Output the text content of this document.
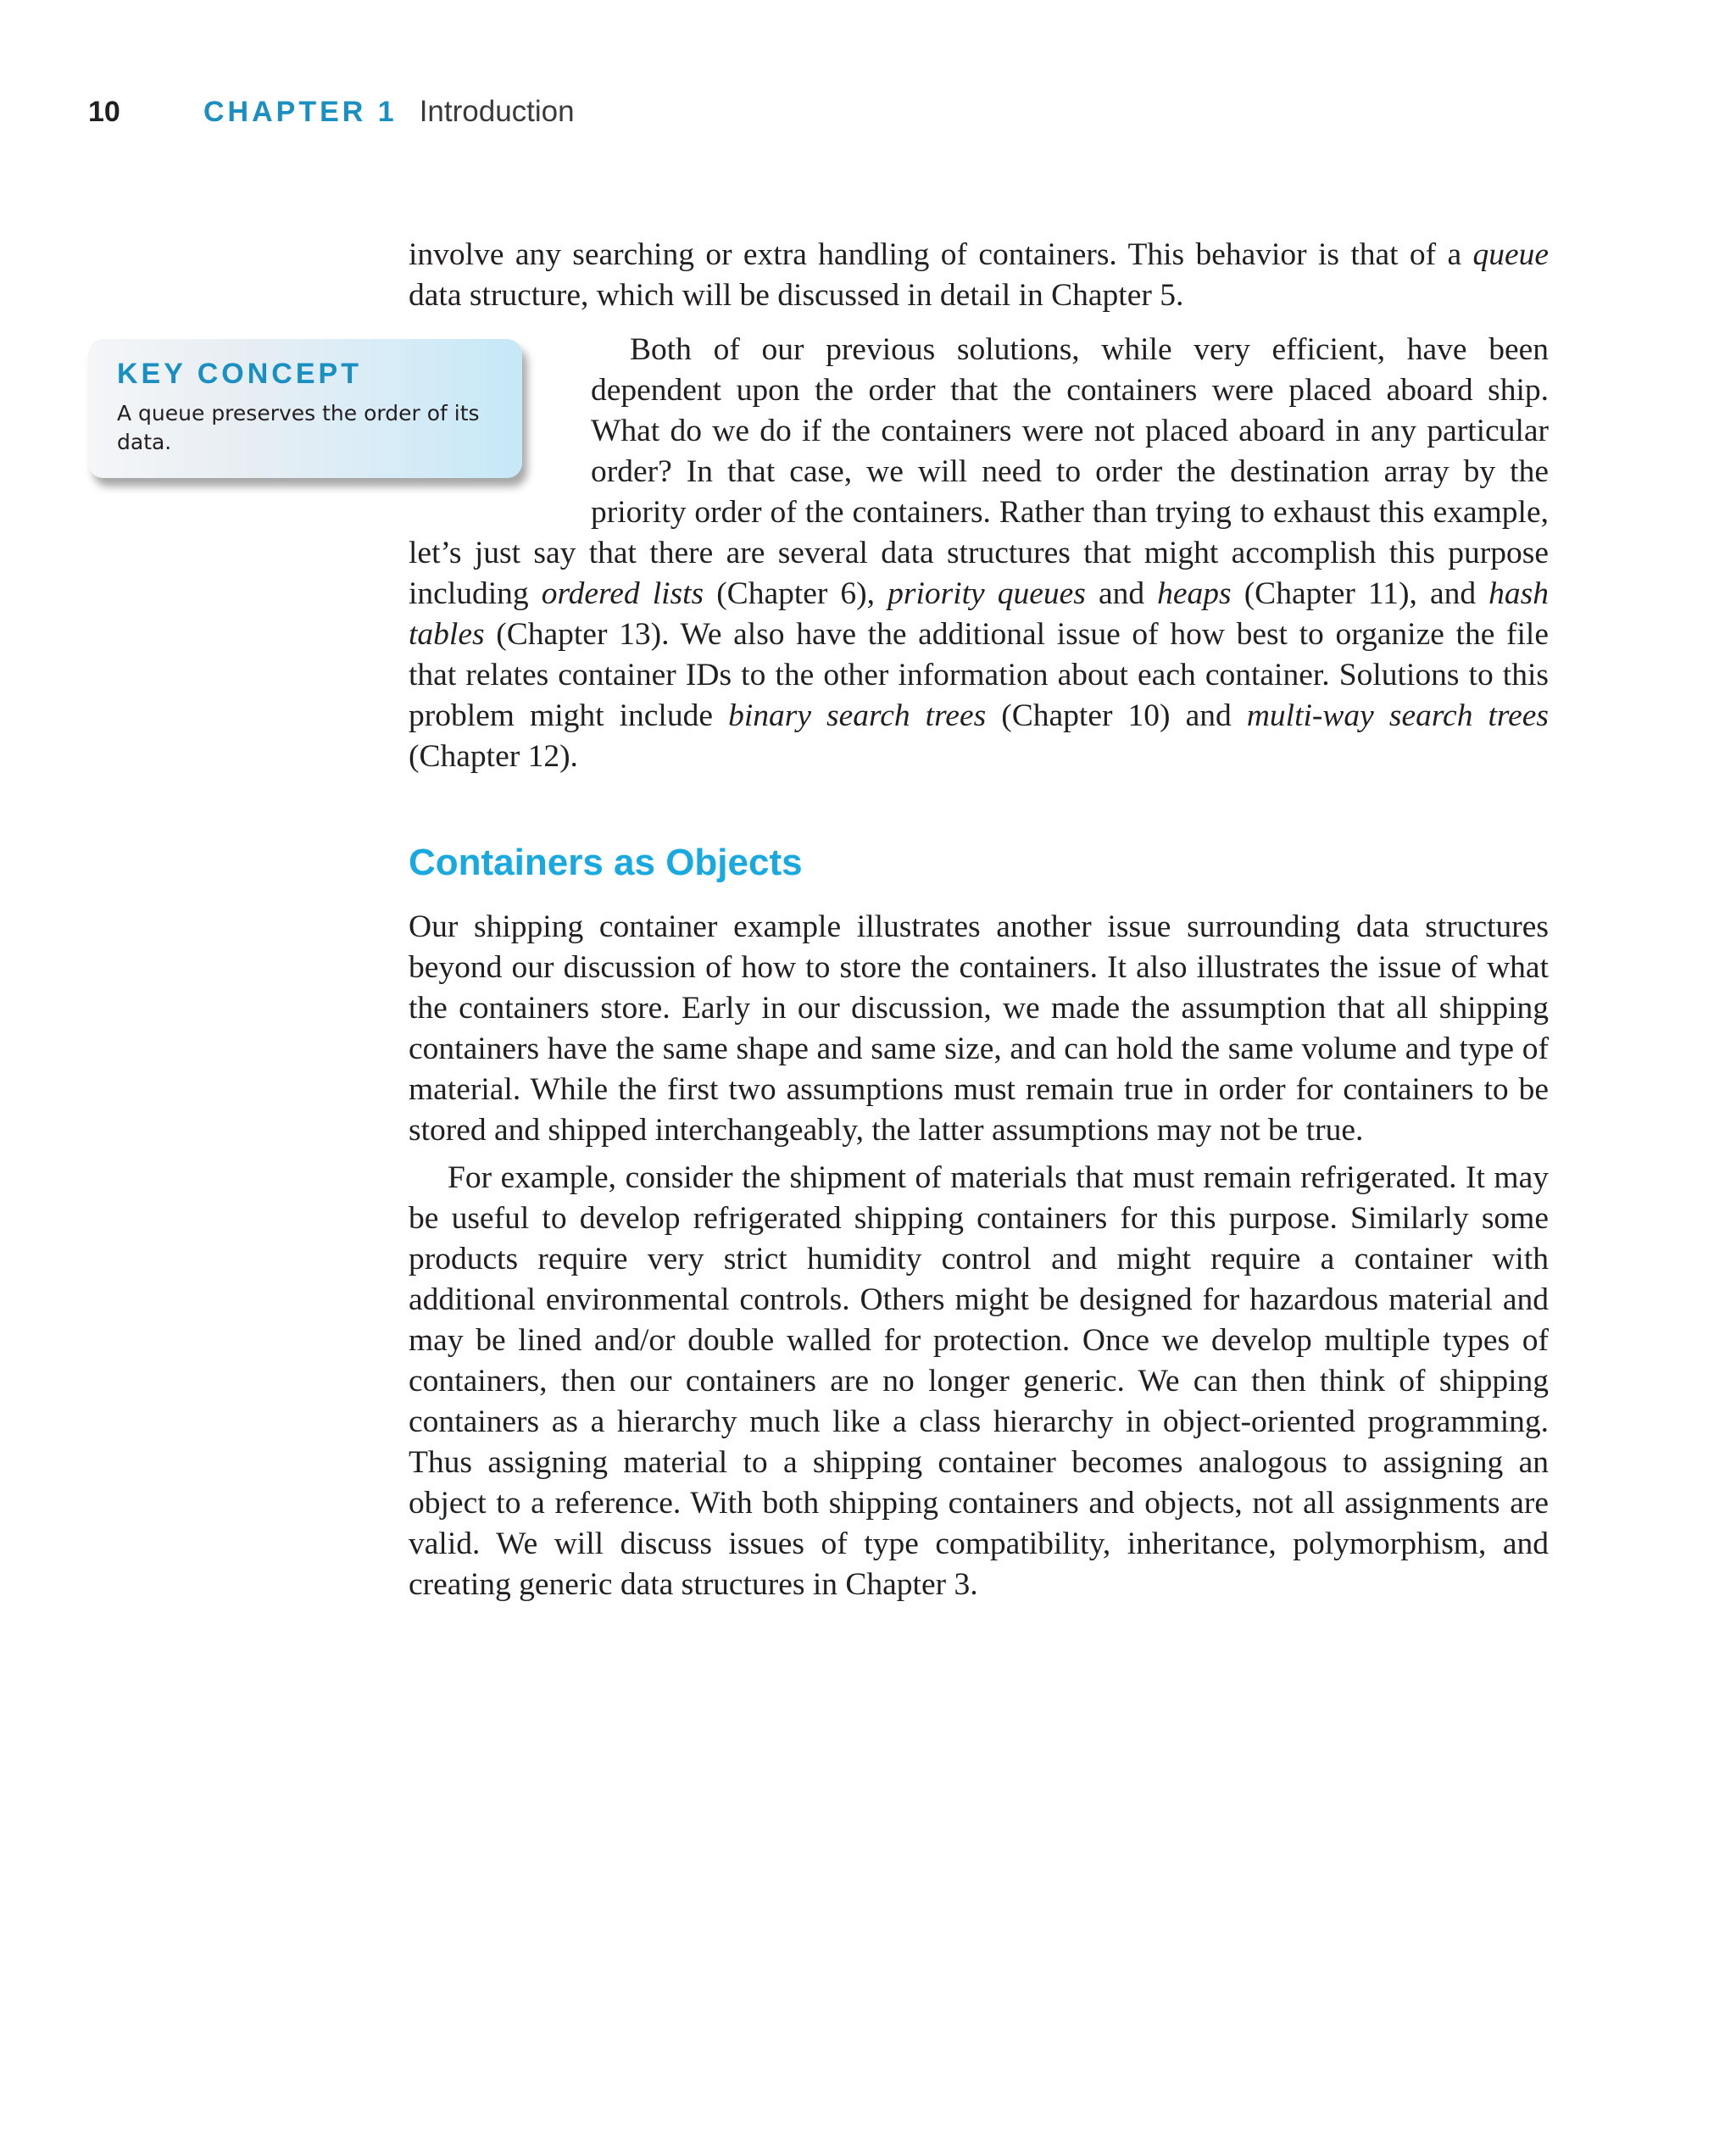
10	CHAPTER 1 Introduction

involve any searching or extra handling of containers. This behavior is that of a queue data structure, which will be discussed in detail in Chapter 5.

KEY CONCEPT

A queue preserves the order of its data.

Both of our previous solutions, while very efficient, have been dependent upon the order that the containers were placed aboard ship. What do we do if the containers were not placed aboard in any particular order? In that case, we will need to order the destination array by the priority order of the containers. Rather than trying to exhaust this example, let’s just say that there are several data structures that might accomplish this purpose including ordered lists (Chapter 6), priority queues and heaps (Chapter 11), and hash tables (Chapter 13). We also have the additional issue of how best to organize the file that relates container IDs to the other information about each container. Solutions to this problem might include binary search trees (Chapter 10) and multi-way search trees (Chapter 12).

Containers as Objects

Our shipping container example illustrates another issue surrounding data structures beyond our discussion of how to store the containers. It also illustrates the issue of what the containers store. Early in our discussion, we made the assumption that all shipping containers have the same shape and same size, and can hold the same volume and type of material. While the first two assumptions must remain true in order for containers to be stored and shipped interchangeably, the latter assumptions may not be true.

For example, consider the shipment of materials that must remain refrigerated. It may be useful to develop refrigerated shipping containers for this purpose. Similarly some products require very strict humidity control and might require a container with additional environmental controls. Others might be designed for hazardous material and may be lined and/or double walled for protection. Once we develop multiple types of containers, then our containers are no longer generic. We can then think of shipping containers as a hierarchy much like a class hierarchy in object-oriented programming. Thus assigning material to a shipping container becomes analogous to assigning an object to a reference. With both shipping containers and objects, not all assignments are valid. We will discuss issues of type compatibility, inheritance, polymorphism, and creating generic data structures in Chapter 3.
